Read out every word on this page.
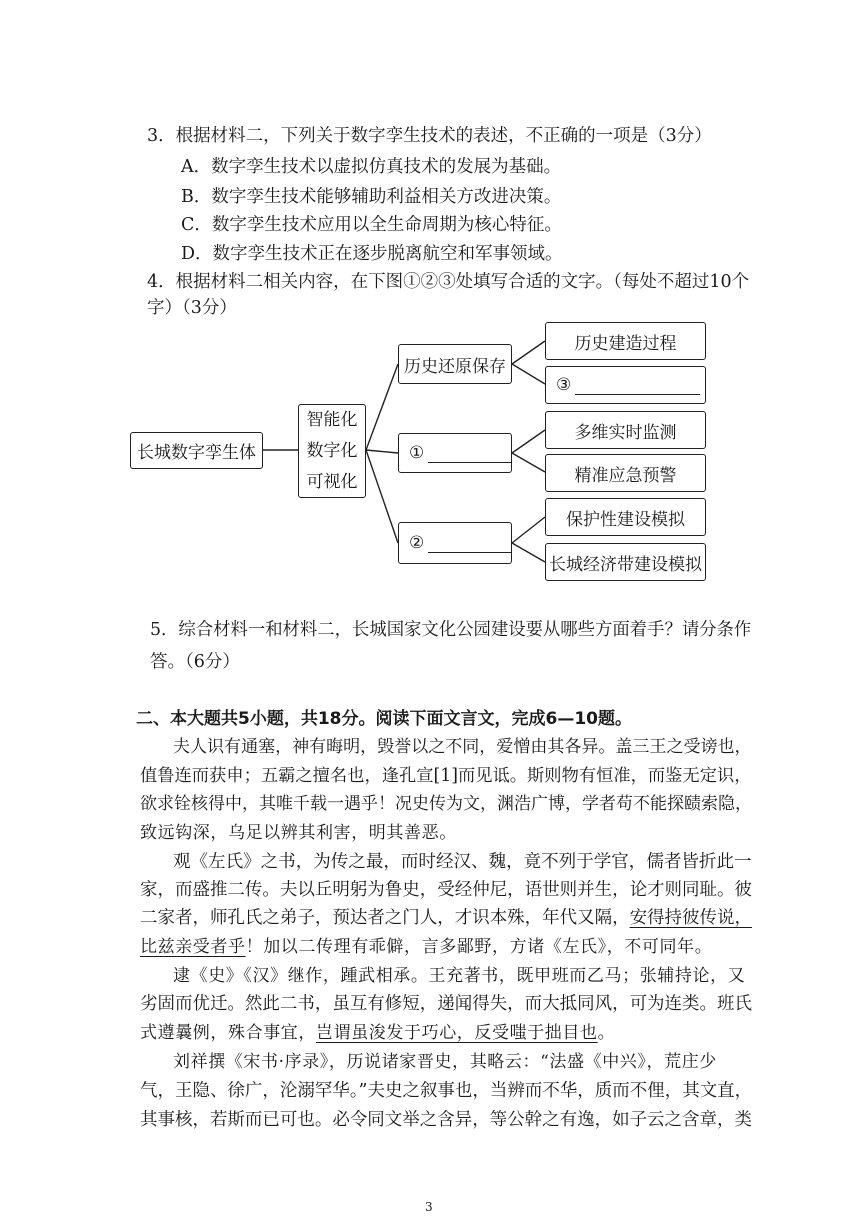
3．根据材料二，下列关于数字孪生技术的表述，不正确的一项是（3分）
A．数字孪生技术以虚拟仿真技术的发展为基础。
B．数字孪生技术能够辅助利益相关方改进决策。
C．数字孪生技术应用以全生命周期为核心特征。
D．数字孪生技术正在逐步脱离航空和军事领域。
4．根据材料二相关内容，在下图①②③处填写合适的文字。（每处不超过10个
字）（3分）
长城数字孪生体
智能化
数字化
可视化
历史还原保存
①
②
历史建造过程
③
多维实时监测
精准应急预警
保护性建设模拟
长城经济带建设模拟
5．综合材料一和材料二，长城国家文化公园建设要从哪些方面着手？请分条作
答。（6分）
二、本大题共5小题，共18分。阅读下面文言文，完成6—10题。
夫人识有通塞，神有晦明，毁誉以之不同，爱憎由其各异。盖三王之受谤也，
值鲁连而获申；五霸之擅名也，逢孔宣[1]而见诋。斯则物有恒准，而鉴无定识，
欲求铨核得中，其唯千载一遇乎！况史传为文，渊浩广博，学者苟不能探赜索隐，
致远钩深，乌足以辨其利害，明其善恶。
观《左氏》之书，为传之最，而时经汉、魏，竟不列于学官，儒者皆折此一
家，而盛推二传。夫以丘明躬为鲁史，受经仲尼，语世则并生，论才则同耻。彼
二家者，师孔氏之弟子，预达者之门人，才识本殊，年代又隔，安得持彼传说，
比兹亲受者乎！加以二传理有乖僻，言多鄙野，方诸《左氏》，不可同年。
逮《史》《汉》继作，踵武相承。王充著书，既甲班而乙马；张辅持论，又
劣固而优迁。然此二书，虽互有修短，递闻得失，而大抵同风，可为连类。班氏
式遵曩例，殊合事宜，岂谓虽浚发于巧心，反受嗤于拙目也。
刘祥撰《宋书·序录》，历说诸家晋史，其略云：“法盛《中兴》，荒庄少
气，王隐、徐广，沦溺罕华。”夫史之叙事也，当辨而不华，质而不俚，其文直，
其事核，若斯而已可也。必令同文举之含异，等公幹之有逸，如子云之含章，类
3
